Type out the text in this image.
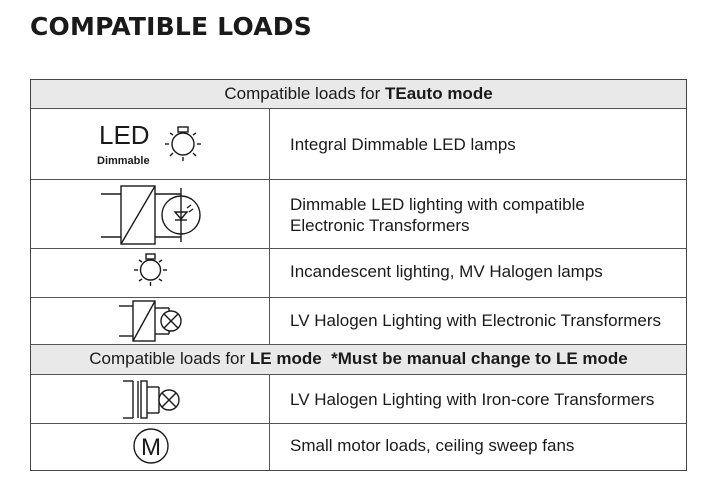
COMPATIBLE LOADS
Compatible loads for TEauto mode
LED
Dimmable
Integral Dimmable LED lamps
Dimmable LED lighting with compatible
Electronic Transformers
Incandescent lighting, MV Halogen lamps
LV Halogen Lighting with Electronic Transformers
Compatible loads for LE mode  *Must be manual change to LE mode
LV Halogen Lighting with Iron-core Transformers
M	Small motor loads, ceiling sweep fans
